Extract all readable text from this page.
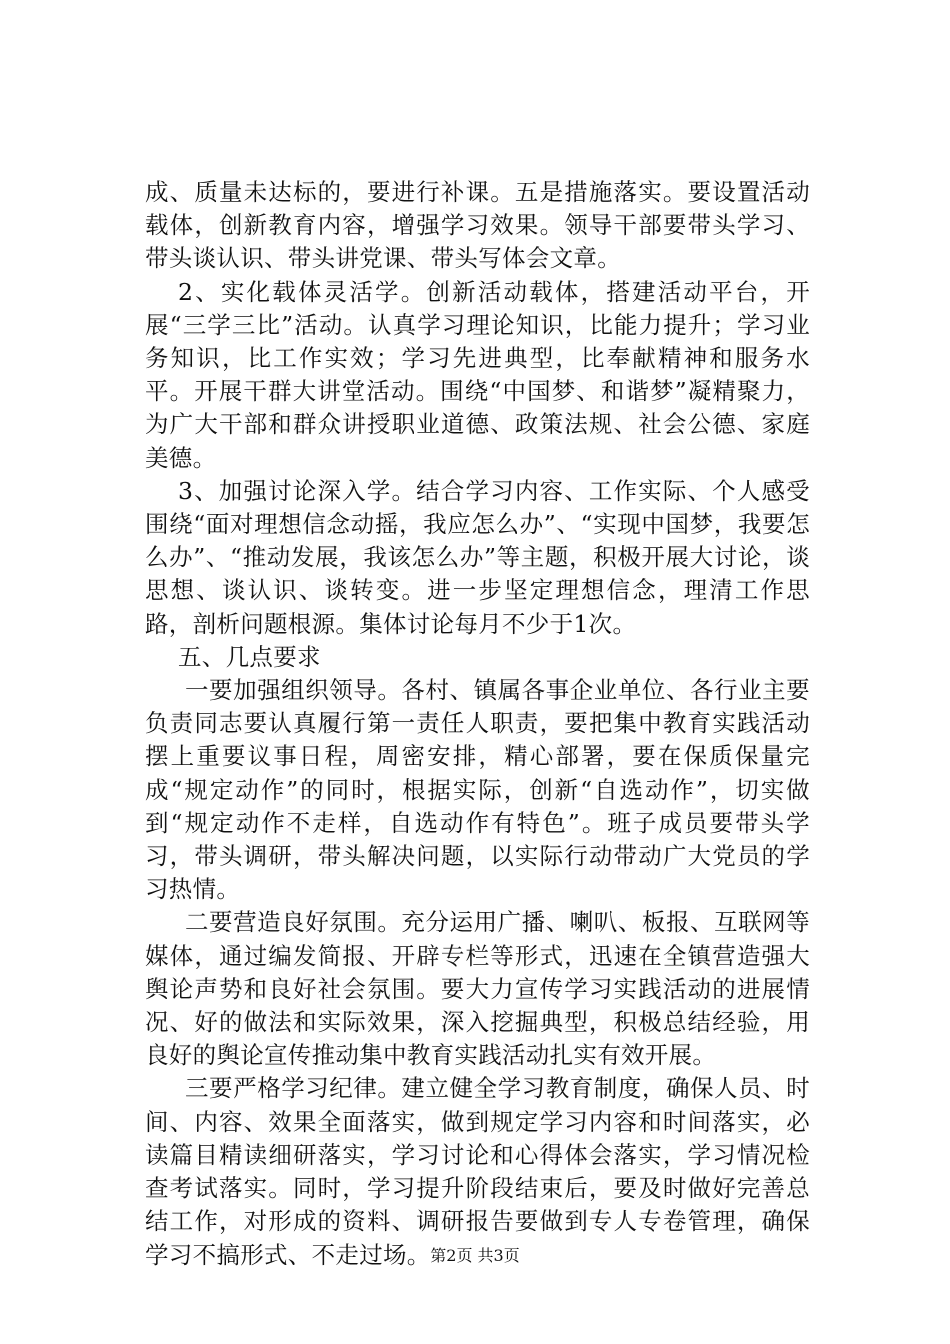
成、质量未达标的，要进行补课。五是措施落实。要设置活动载体，创新教育内容，增强学习效果。领导干部要带头学习、带头谈认识、带头讲党课、带头写体会文章。

2、实化载体灵活学。创新活动载体，搭建活动平台，开展“三学三比”活动。认真学习理论知识，比能力提升；学习业务知识，比工作实效；学习先进典型，比奉献精神和服务水平。开展干群大讲堂活动。围绕“中国梦、和谐梦”凝精聚力，为广大干部和群众讲授职业道德、政策法规、社会公德、家庭美德。

3、加强讨论深入学。结合学习内容、工作实际、个人感受围绕“面对理想信念动摇，我应怎么办”、“实现中国梦，我要怎么办”、“推动发展，我该怎么办”等主题，积极开展大讨论，谈思想、谈认识、谈转变。进一步坚定理想信念，理清工作思路，剖析问题根源。集体讨论每月不少于1次。

五、几点要求

一要加强组织领导。各村、镇属各事企业单位、各行业主要负责同志要认真履行第一责任人职责，要把集中教育实践活动摆上重要议事日程，周密安排，精心部署，要在保质保量完成“规定动作”的同时，根据实际，创新“自选动作”，切实做到“规定动作不走样，自选动作有特色”。班子成员要带头学习，带头调研，带头解决问题，以实际行动带动广大党员的学习热情。

二要营造良好氛围。充分运用广播、喇叭、板报、互联网等媒体，通过编发简报、开辟专栏等形式，迅速在全镇营造强大舆论声势和良好社会氛围。要大力宣传学习实践活动的进展情况、好的做法和实际效果，深入挖掘典型，积极总结经验，用良好的舆论宣传推动集中教育实践活动扎实有效开展。

三要严格学习纪律。建立健全学习教育制度，确保人员、时间、内容、效果全面落实，做到规定学习内容和时间落实，必读篇目精读细研落实，学习讨论和心得体会落实，学习情况检查考试落实。同时，学习提升阶段结束后，要及时做好完善总结工作，对形成的资料、调研报告要做到专人专卷管理，确保学习不搞形式、不走过场。 第2页 共3页
